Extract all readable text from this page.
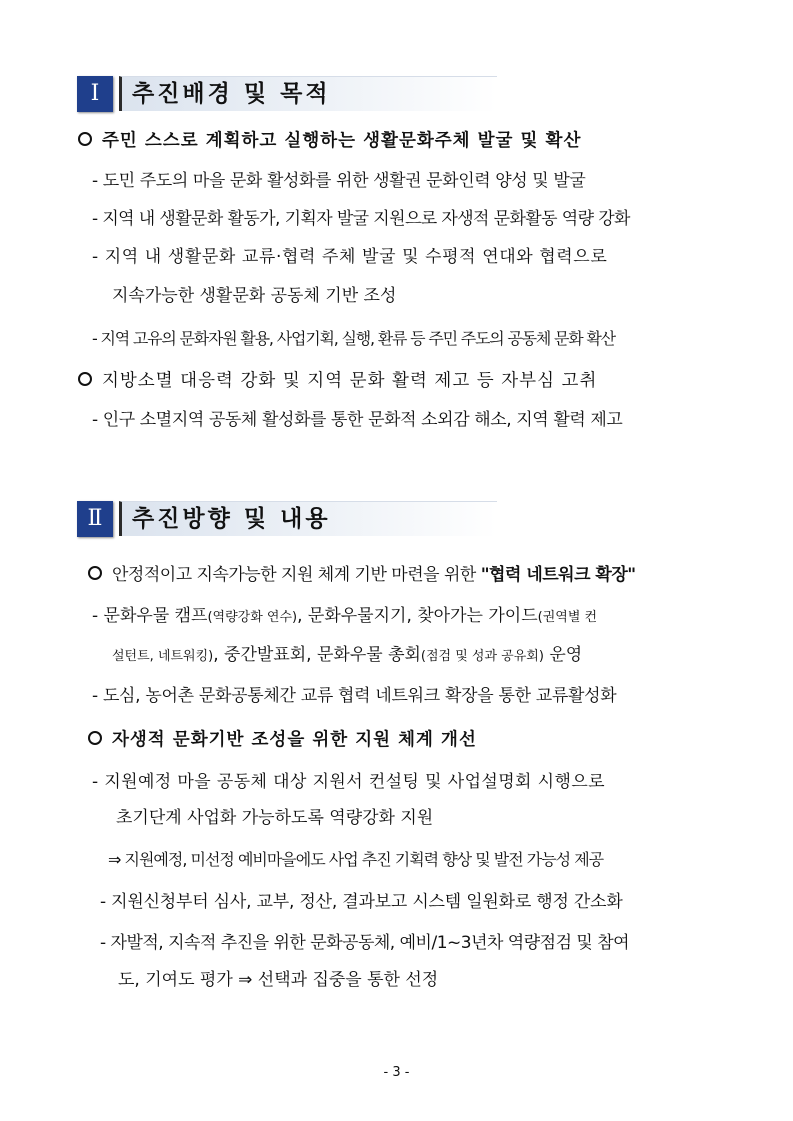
Ⅰ	추진배경 및 목적
주민 스스로 계획하고 실행하는 생활문화주체 발굴 및 확산
- 도민 주도의 마을 문화 활성화를 위한 생활권 문화인력 양성 및 발굴
- 지역 내 생활문화 활동가, 기획자 발굴 지원으로 자생적 문화활동 역량 강화
- 지역 내 생활문화 교류·협력 주체 발굴 및 수평적 연대와 협력으로
지속가능한 생활문화 공동체 기반 조성
- 지역 고유의 문화자원 활용, 사업기획, 실행, 환류 등 주민 주도의 공동체 문화 확산
지방소멸 대응력 강화 및 지역 문화 활력 제고 등 자부심 고취
- 인구 소멸지역 공동체 활성화를 통한 문화적 소외감 해소, 지역 활력 제고
Ⅱ	추진방향 및 내용
안정적이고 지속가능한 지원 체계 기반 마련을 위한 "협력 네트워크 확장"
- 문화우물 캠프(역량강화 연수), 문화우물지기, 찾아가는 가이드(권역별 컨
설턴트, 네트워킹), 중간발표회, 문화우물 총회(점검 및 성과 공유회) 운영
- 도심, 농어촌 문화공통체간 교류 협력 네트워크 확장을 통한 교류활성화
자생적 문화기반 조성을 위한 지원 체계 개선
- 지원예정 마을 공동체 대상 지원서 컨설팅 및 사업설명회 시행으로
초기단계 사업화 가능하도록 역량강화 지원
⇒ 지원예정, 미선정 예비마을에도 사업 추진 기획력 향상 및 발전 가능성 제공
- 지원신청부터 심사, 교부, 정산, 결과보고 시스템 일원화로 행정 간소화
- 자발적, 지속적 추진을 위한 문화공동체, 예비/1~3년차 역량점검 및 참여
도, 기여도 평가 ⇒ 선택과 집중을 통한 선정
- 3 -
